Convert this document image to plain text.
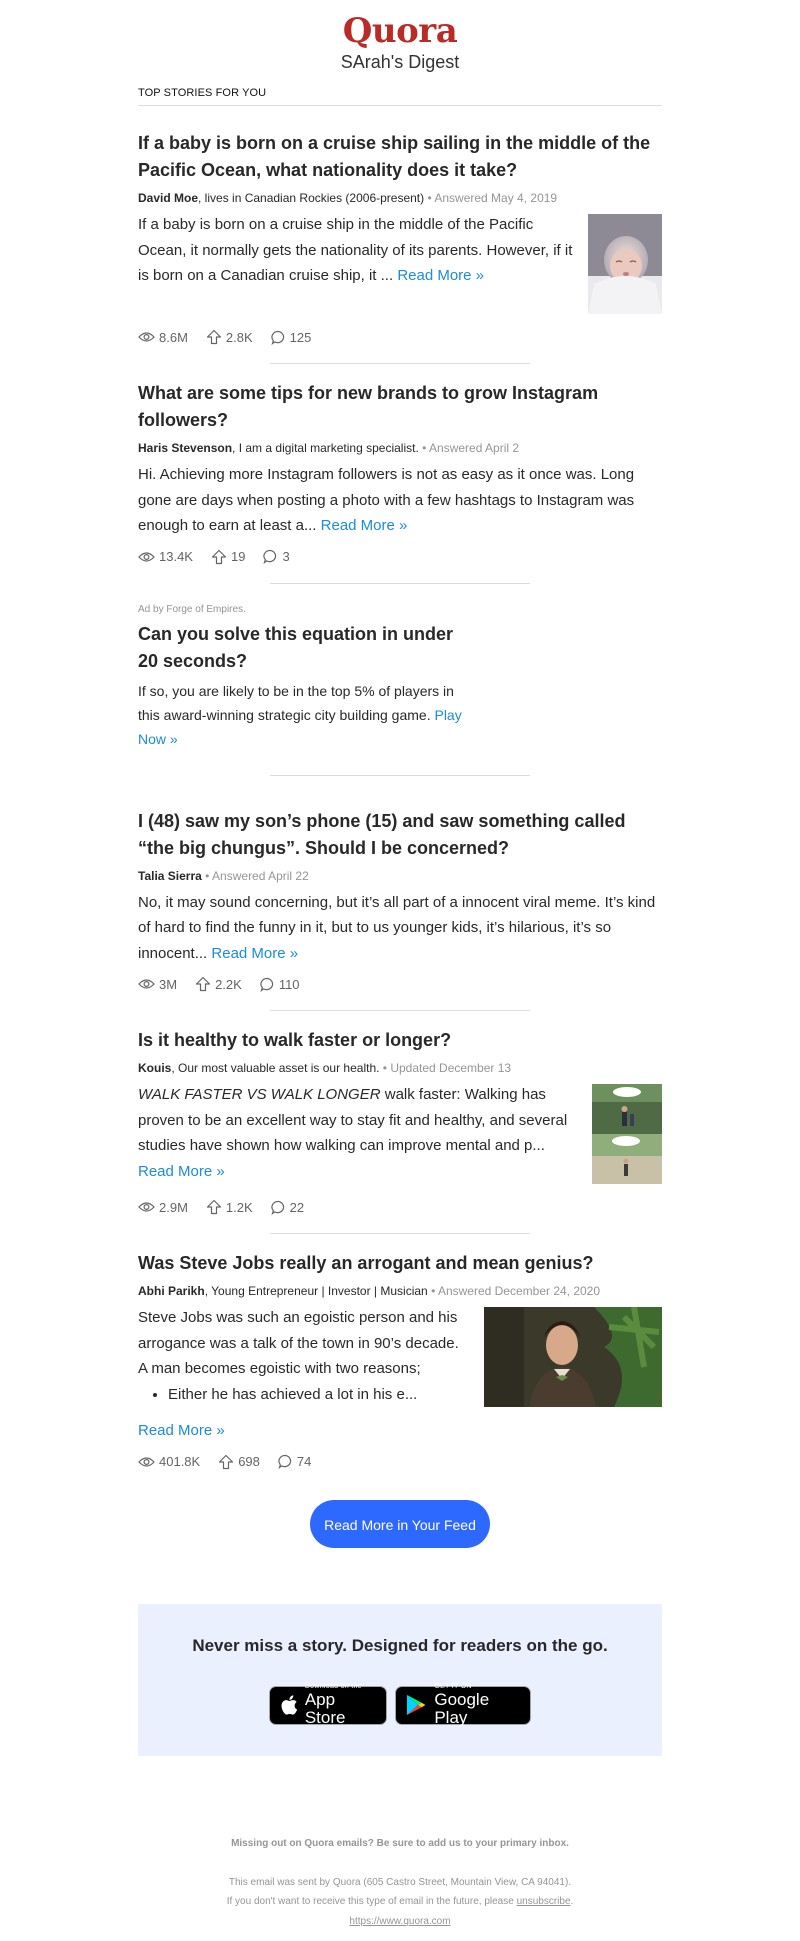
Quora
SArah's Digest
TOP STORIES FOR YOU
If a baby is born on a cruise ship sailing in the middle of the Pacific Ocean, what nationality does it take?
David Moe, lives in Canadian Rockies (2006-present) • Answered May 4, 2019
If a baby is born on a cruise ship in the middle of the Pacific Ocean, it normally gets the nationality of its parents. However, if it is born on a Canadian cruise ship, it ... Read More »
8.6M	2.8K	125
What are some tips for new brands to grow Instagram followers?
Haris Stevenson, I am a digital marketing specialist. • Answered April 2
Hi. Achieving more Instagram followers is not as easy as it once was. Long gone are days when posting a photo with a few hashtags to Instagram was enough to earn at least a... Read More »
13.4K	19	3
Ad by Forge of Empires.
Can you solve this equation in under 20 seconds?
If so, you are likely to be in the top 5% of players in this award-winning strategic city building game. Play Now »
I (48) saw my son’s phone (15) and saw something called “the big chungus”. Should I be concerned?
Talia Sierra • Answered April 22
No, it may sound concerning, but it’s all part of a innocent viral meme. It’s kind of hard to find the funny in it, but to us younger kids, it’s hilarious, it’s so innocent... Read More »
3M	2.2K	110
Is it healthy to walk faster or longer?
Kouis, Our most valuable asset is our health. • Updated December 13
WALK FASTER VS WALK LONGER walk faster: Walking has proven to be an excellent way to stay fit and healthy, and several studies have shown how walking can improve mental and p...
Read More »
2.9M	1.2K	22
Was Steve Jobs really an arrogant and mean genius?
Abhi Parikh, Young Entrepreneur | Investor | Musician • Answered December 24, 2020
Steve Jobs was such an egoistic person and his arrogance was a talk of the town in 90’s decade. A man becomes egoistic with two reasons;
• Either he has achieved a lot in his e...
Read More »
401.8K	698	74
Read More in Your Feed
Never miss a story. Designed for readers on the go.
Download on the
App Store
GET IT ON
Google Play
Missing out on Quora emails? Be sure to add us to your primary inbox.
This email was sent by Quora (605 Castro Street, Mountain View, CA 94041).
If you don't want to receive this type of email in the future, please unsubscribe.
https://www.quora.com
